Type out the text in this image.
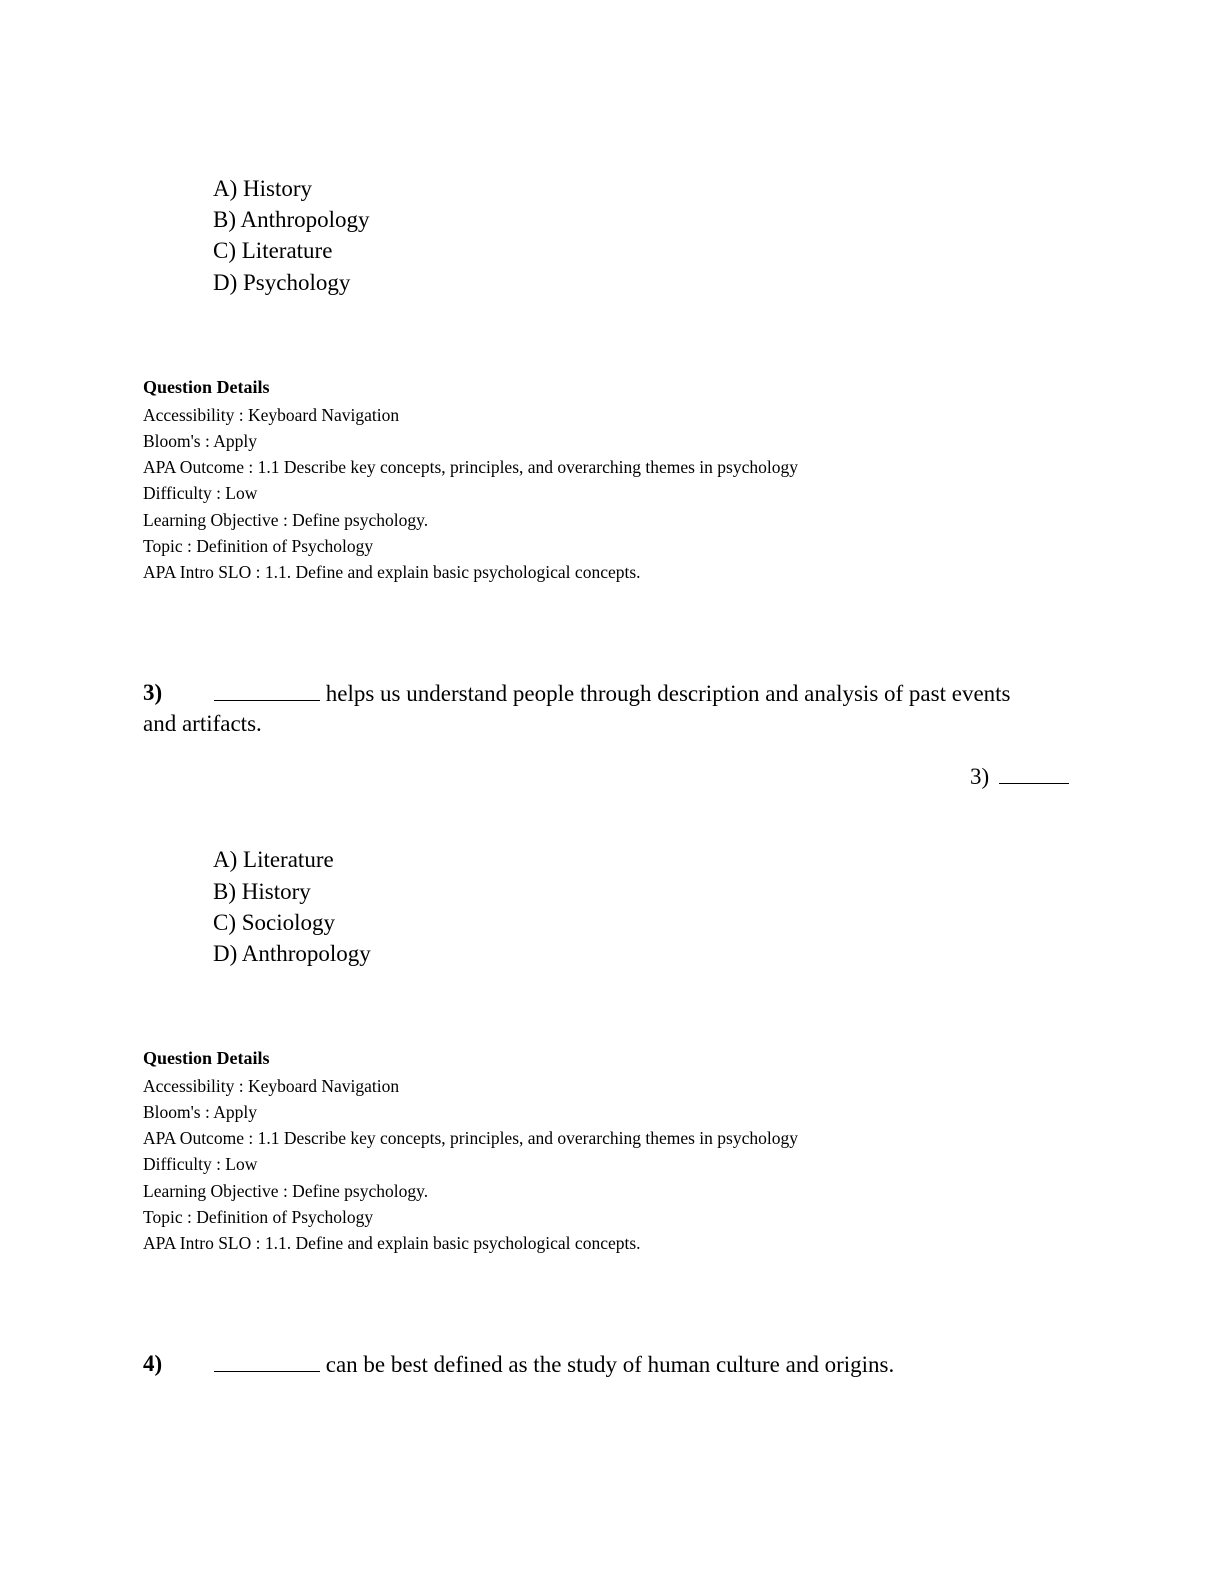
A) History
B) Anthropology
C) Literature
D) Psychology
Question Details
Accessibility : Keyboard Navigation
Bloom's : Apply
APA Outcome : 1.1 Describe key concepts, principles, and overarching themes in psychology
Difficulty : Low
Learning Objective : Define psychology.
Topic : Definition of Psychology
APA Intro SLO : 1.1. Define and explain basic psychological concepts.
3)	helps us understand people through description and analysis of past events
and artifacts.
3)
A) Literature
B) History
C) Sociology
D) Anthropology
Question Details
Accessibility : Keyboard Navigation
Bloom's : Apply
APA Outcome : 1.1 Describe key concepts, principles, and overarching themes in psychology
Difficulty : Low
Learning Objective : Define psychology.
Topic : Definition of Psychology
APA Intro SLO : 1.1. Define and explain basic psychological concepts.
4)	can be best defined as the study of human culture and origins.
